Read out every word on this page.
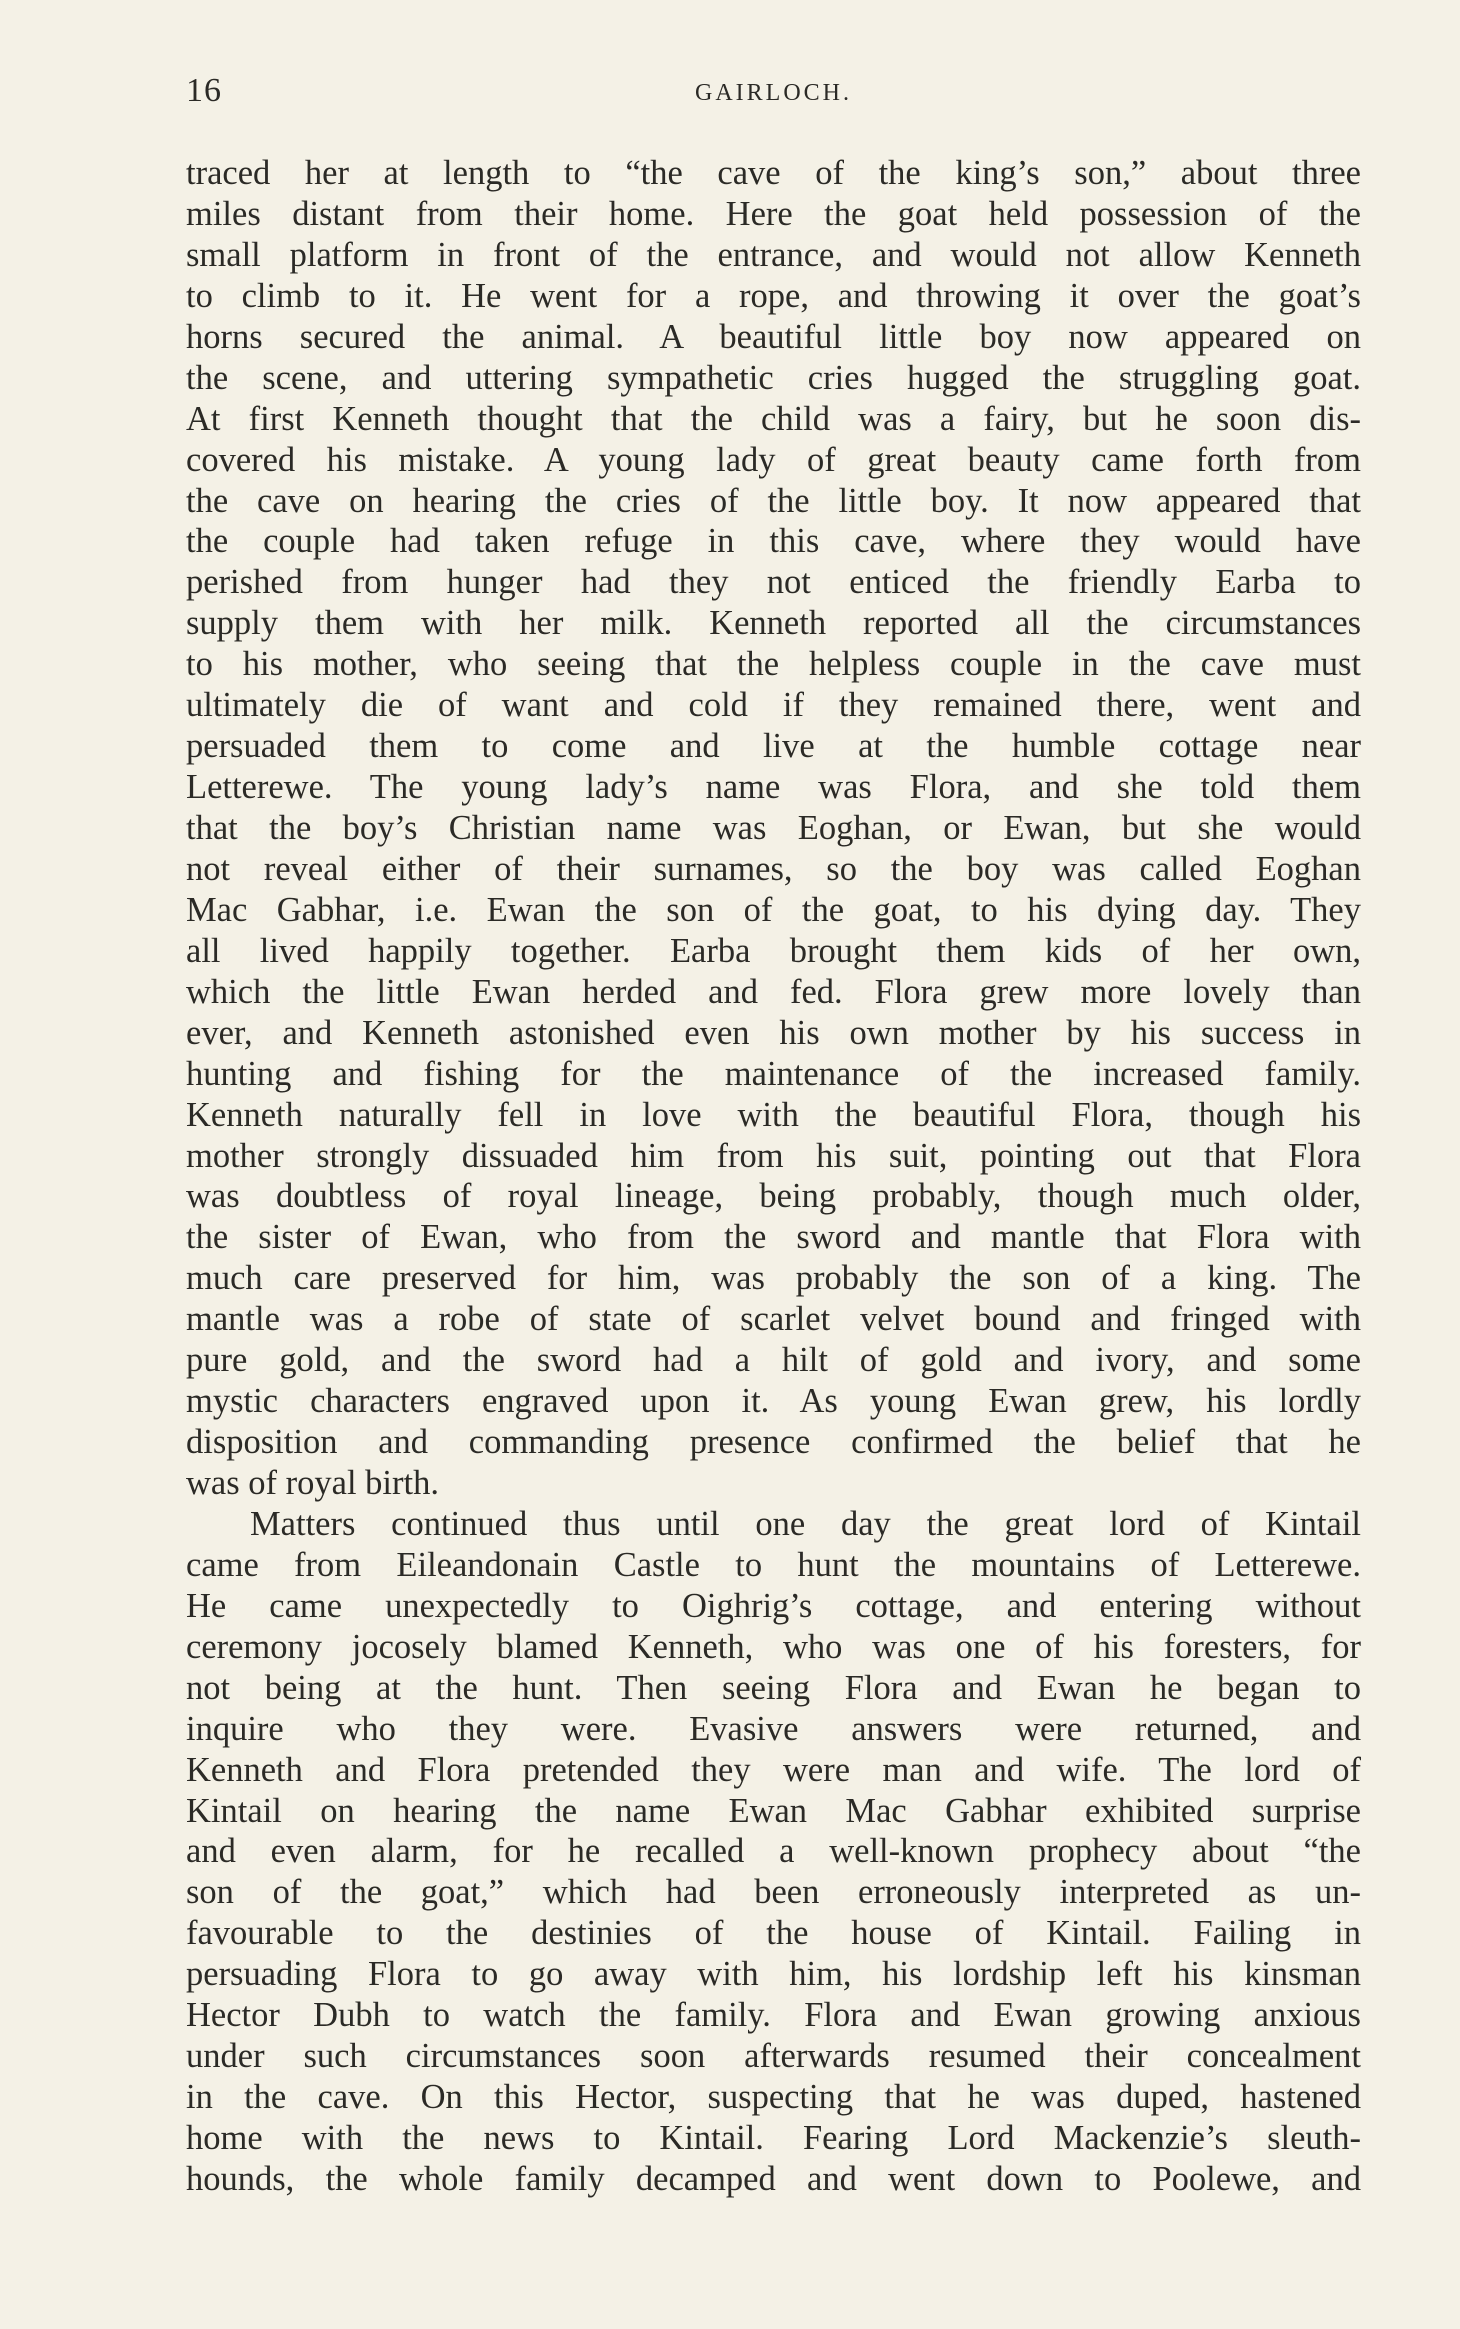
16	GAIRLOCH.
traced her at length to “the cave of the king’s son,” about three
miles distant from their home. Here the goat held possession of the
small platform in front of the entrance, and would not allow Kenneth
to climb to it. He went for a rope, and throwing it over the goat’s
horns secured the animal. A beautiful little boy now appeared on
the scene, and uttering sympathetic cries hugged the struggling goat.
At first Kenneth thought that the child was a fairy, but he soon dis-
covered his mistake. A young lady of great beauty came forth from
the cave on hearing the cries of the little boy. It now appeared that
the couple had taken refuge in this cave, where they would have
perished from hunger had they not enticed the friendly Earba to
supply them with her milk. Kenneth reported all the circumstances
to his mother, who seeing that the helpless couple in the cave must
ultimately die of want and cold if they remained there, went and
persuaded them to come and live at the humble cottage near
Letterewe. The young lady’s name was Flora, and she told them
that the boy’s Christian name was Eoghan, or Ewan, but she would
not reveal either of their surnames, so the boy was called Eoghan
Mac Gabhar, i.e. Ewan the son of the goat, to his dying day. They
all lived happily together. Earba brought them kids of her own,
which the little Ewan herded and fed. Flora grew more lovely than
ever, and Kenneth astonished even his own mother by his success in
hunting and fishing for the maintenance of the increased family.
Kenneth naturally fell in love with the beautiful Flora, though his
mother strongly dissuaded him from his suit, pointing out that Flora
was doubtless of royal lineage, being probably, though much older,
the sister of Ewan, who from the sword and mantle that Flora with
much care preserved for him, was probably the son of a king. The
mantle was a robe of state of scarlet velvet bound and fringed with
pure gold, and the sword had a hilt of gold and ivory, and some
mystic characters engraved upon it. As young Ewan grew, his lordly
disposition and commanding presence confirmed the belief that he
was of royal birth.
Matters continued thus until one day the great lord of Kintail
came from Eileandonain Castle to hunt the mountains of Letterewe.
He came unexpectedly to Oighrig’s cottage, and entering without
ceremony jocosely blamed Kenneth, who was one of his foresters, for
not being at the hunt. Then seeing Flora and Ewan he began to
inquire who they were. Evasive answers were returned, and
Kenneth and Flora pretended they were man and wife. The lord of
Kintail on hearing the name Ewan Mac Gabhar exhibited surprise
and even alarm, for he recalled a well-known prophecy about “the
son of the goat,” which had been erroneously interpreted as un-
favourable to the destinies of the house of Kintail. Failing in
persuading Flora to go away with him, his lordship left his kinsman
Hector Dubh to watch the family. Flora and Ewan growing anxious
under such circumstances soon afterwards resumed their concealment
in the cave. On this Hector, suspecting that he was duped, hastened
home with the news to Kintail. Fearing Lord Mackenzie’s sleuth-
hounds, the whole family decamped and went down to Poolewe, and
